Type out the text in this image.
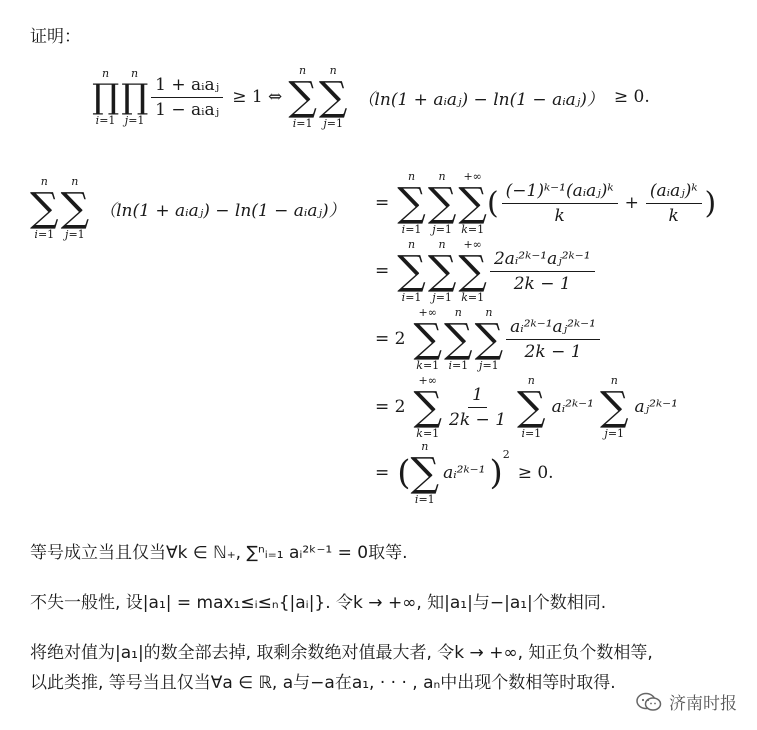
证明：
n
∏
i=1
n
∏
j=1
$\frac{\text{1 + aᵢaⱼ}}{\text{1 − aᵢaⱼ}} \ge 1$ ⇔
n
∑
i=1
n
∑
j=1
（ln(1 + aᵢaⱼ) − ln(1 − aᵢaⱼ)） ≥ 0.
n
∑
i=1
n
∑
j=1
（ln(1 + aᵢaⱼ) − ln(1 − aᵢaⱼ)） =
n
∑
i=1
n
∑
j=1
+∞
∑
k=1
( $\frac{\text{(−1)ᵏ⁻¹(aᵢaⱼ)ᵏ}}{k} + \frac{\text{(aᵢaⱼ)ᵏ}}{k}$ )
=
n
∑
i=1
n
∑
j=1
+∞
∑
k=1
$\frac{\text{2aᵢ²ᵏ⁻¹aⱼ²ᵏ⁻¹}}{2k - 1}$
= 2
+∞
∑
k=1
n
∑
i=1
n
∑
j=1
$\frac{\text{aᵢ²ᵏ⁻¹aⱼ²ᵏ⁻¹}}{2k - 1}$
= 2
+∞
∑
k=1
$\frac{1}{2k - 1}$
n
∑
i=1
aᵢ²ᵏ⁻¹
n
∑
j=1
aⱼ²ᵏ⁻¹
= (
n
∑
i=1
aᵢ²ᵏ⁻¹ )$^2$
≥ 0.
等号成立当且仅当∀k ∈ ℕ₊, ∑ⁿᵢ₌₁ aᵢ²ᵏ⁻¹ = 0取等.
不失一般性, 设|a₁| = max₁≤ᵢ≤ₙ{|aᵢ|}. 令k → +∞, 知|a₁|与−|a₁|个数相同.
将绝对值为|a₁|的数全部去掉, 取剩余数绝对值最大者, 令k → +∞, 知正负个数相等,
以此类推, 等号当且仅当∀a ∈ ℝ, a与−a在a₁, · · · , aₙ中出现个数相等时取得.
济南时报
